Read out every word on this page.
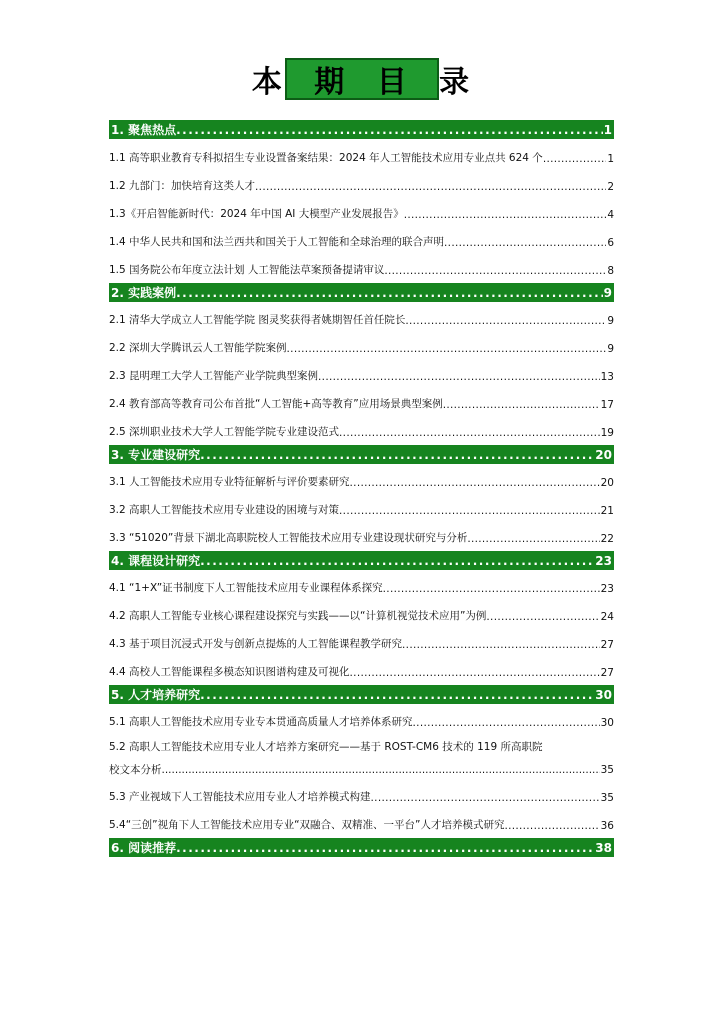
本 期 目 录
1. 聚焦热点 .....	1
1.1 高等职业教育专科拟招生专业设置备案结果：2024 年人工智能技术应用专业点共 624 个 .....	1
1.2 九部门：加快培育这类人才 .....	2
1.3《开启智能新时代：2024 年中国 AI 大模型产业发展报告》 .....	4
1.4 中华人民共和国和法兰西共和国关于人工智能和全球治理的联合声明 .....	6
1.5 国务院公布年度立法计划 人工智能法草案预备提请审议 .....	8
2. 实践案例 .....	9
2.1 清华大学成立人工智能学院 图灵奖获得者姚期智任首任院长 .....	9
2.2 深圳大学腾讯云人工智能学院案例 .....	9
2.3 昆明理工大学人工智能产业学院典型案例 .....	13
2.4 教育部高等教育司公布首批“人工智能+高等教育”应用场景典型案例 .....	17
2.5 深圳职业技术大学人工智能学院专业建设范式 .....	19
3. 专业建设研究 .....	20
3.1 人工智能技术应用专业特征解析与评价要素研究 .....	20
3.2 高职人工智能技术应用专业建设的困境与对策 .....	21
3.3 “51020”背景下湖北高职院校人工智能技术应用专业建设现状研究与分析 .....	22
4. 课程设计研究 .....	23
4.1 “1+X”证书制度下人工智能技术应用专业课程体系探究 .....	23
4.2 高职人工智能专业核心课程建设探究与实践——以“计算机视觉技术应用”为例 .....	24
4.3 基于项目沉浸式开发与创新点提炼的人工智能课程教学研究 .....	27
4.4 高校人工智能课程多模态知识图谱构建及可视化 .....	27
5. 人才培养研究 .....	30
5.1 高职人工智能技术应用专业专本贯通高质量人才培养体系研究 .....	30
5.2 高职人工智能技术应用专业人才培养方案研究——基于 ROST-CM6 技术的 119 所高职院
校文本分析 .....	35
5.3 产业视域下人工智能技术应用专业人才培养模式构建 .....	35
5.4“三创”视角下人工智能技术应用专业“双融合、双精准、一平台”人才培养模式研究 .....	36
6. 阅读推荐 .....	38
